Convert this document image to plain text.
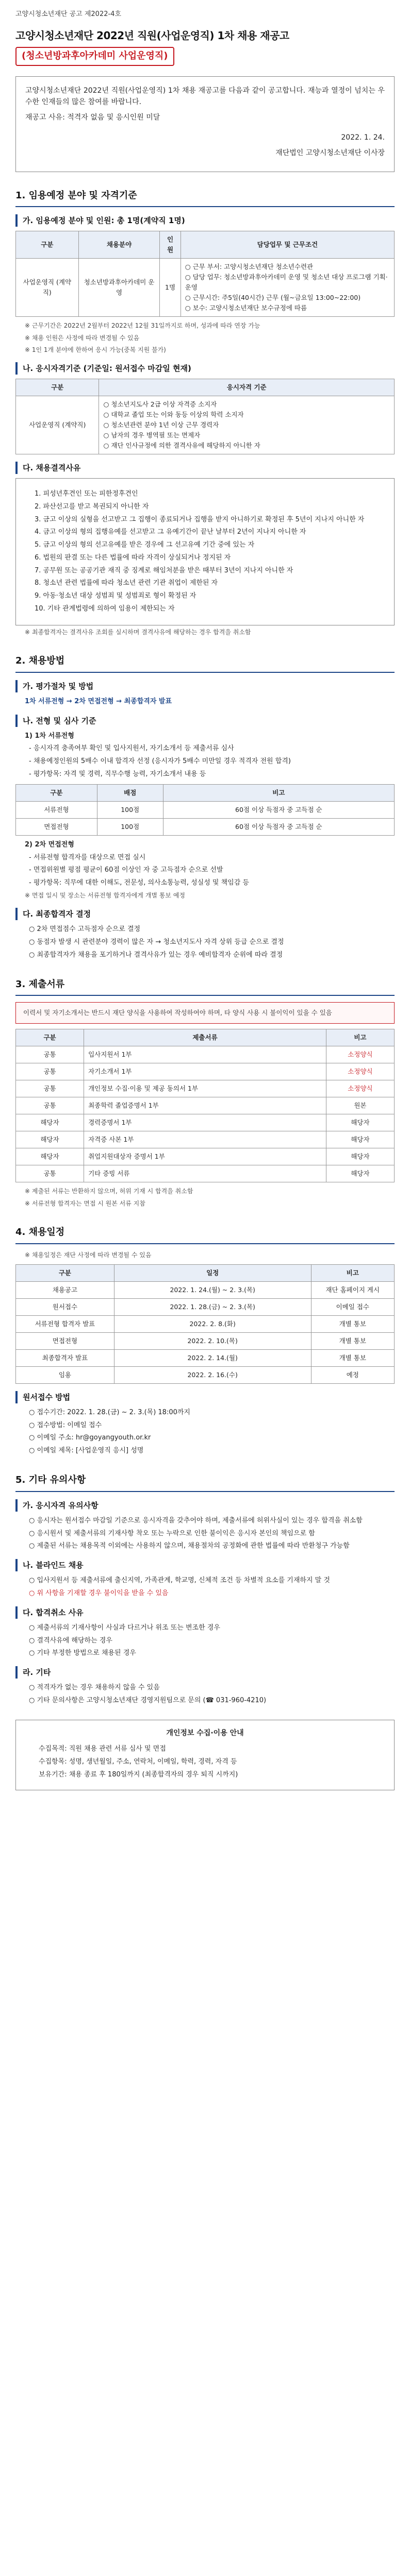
고양시청소년재단 공고 제2022-4호
고양시청소년재단 2022년 직원(사업운영직) 1차 채용 재공고
(청소년방과후아카데미 사업운영직)

고양시청소년재단 2022년 직원(사업운영직) 1차 채용 재공고를 다음과 같이 공고합니다. 재능과 열정이 넘치는 우수한 인재들의 많은 참여를 바랍니다.

재공고 사유: 적격자 없음 및 응시인원 미달

2022. 1. 24.

재단법인 고양시청소년재단 이사장

1. 임용예정 분야 및 자격기준
가. 임용예정 분야 및 인원: 총 1명(계약직 1명)
구분	채용분야	인원	담당업무 및 근무조건
사업운영직 (계약직)	청소년방과후아카데미 운영	1명	○ 근무 부서: 고양시청소년재단 청소년수련관
○ 담당 업무: 청소년방과후아카데미 운영 및 청소년 대상 프로그램 기획·운영
○ 근무시간: 주5일(40시간) 근무 (월~금요일 13:00~22:00)
○ 보수: 고양시청소년재단 보수규정에 따름
※ 근무기간은 2022년 2월부터 2022년 12월 31일까지로 하며, 성과에 따라 연장 가능
※ 채용 인원은 사정에 따라 변경될 수 있음
※ 1인 1개 분야에 한하여 응시 가능(중복 지원 불가)
나. 응시자격기준 (기준일: 원서접수 마감일 현재)
구분	응시자격 기준
사업운영직 (계약직)	○ 청소년지도사 2급 이상 자격증 소지자
○ 대학교 졸업 또는 이와 동등 이상의 학력 소지자
○ 청소년관련 분야 1년 이상 근무 경력자
○ 남자의 경우 병역필 또는 면제자
○ 재단 인사규정에 의한 결격사유에 해당하지 아니한 자
다. 채용결격사유
1. 피성년후견인 또는 피한정후견인
2. 파산선고를 받고 복권되지 아니한 자
3. 금고 이상의 실형을 선고받고 그 집행이 종료되거나 집행을 받지 아니하기로 확정된 후 5년이 지나지 아니한 자
4. 금고 이상의 형의 집행유예를 선고받고 그 유예기간이 끝난 날부터 2년이 지나지 아니한 자
5. 금고 이상의 형의 선고유예를 받은 경우에 그 선고유예 기간 중에 있는 자
6. 법원의 판결 또는 다른 법률에 따라 자격이 상실되거나 정지된 자
7. 공무원 또는 공공기관 재직 중 징계로 해임처분을 받은 때부터 3년이 지나지 아니한 자
8. 청소년 관련 법률에 따라 청소년 관련 기관 취업이 제한된 자
9. 아동·청소년 대상 성범죄 및 성범죄로 형이 확정된 자
10. 기타 관계법령에 의하여 임용이 제한되는 자
※ 최종합격자는 결격사유 조회를 실시하며 결격사유에 해당하는 경우 합격을 취소함
2. 채용방법
가. 평가절차 및 방법
1차 서류전형 → 2차 면접전형 → 최종합격자 발표
나. 전형 및 심사 기준
1) 1차 서류전형
- 응시자격 충족여부 확인 및 입사지원서, 자기소개서 등 제출서류 심사
- 채용예정인원의 5배수 이내 합격자 선정 (응시자가 5배수 미만일 경우 적격자 전원 합격)
- 평가항목: 자격 및 경력, 직무수행 능력, 자기소개서 내용 등
구분	배점	비고
서류전형	100점	60점 이상 득점자 중 고득점 순
면접전형	100점	60점 이상 득점자 중 고득점 순
2) 2차 면접전형
- 서류전형 합격자를 대상으로 면접 실시
- 면접위원별 평점 평균이 60점 이상인 자 중 고득점자 순으로 선발
- 평가항목: 직무에 대한 이해도, 전문성, 의사소통능력, 성실성 및 책임감 등
※ 면접 일시 및 장소는 서류전형 합격자에게 개별 통보 예정
다. 최종합격자 결정
○ 2차 면접점수 고득점자 순으로 결정
○ 동점자 발생 시 관련분야 경력이 많은 자 → 청소년지도사 자격 상위 등급 순으로 결정
○ 최종합격자가 채용을 포기하거나 결격사유가 있는 경우 예비합격자 순위에 따라 결정
3. 제출서류
이력서 및 자기소개서는 반드시 재단 양식을 사용하여 작성하여야 하며, 타 양식 사용 시 불이익이 있을 수 있음
구분	제출서류	비고
공통	입사지원서 1부	소정양식
공통	자기소개서 1부	소정양식
공통	개인정보 수집·이용 및 제공 동의서 1부	소정양식
공통	최종학력 졸업증명서 1부	원본
해당자	경력증명서 1부	해당자
해당자	자격증 사본 1부	해당자
해당자	취업지원대상자 증명서 1부	해당자
공통	기타 증빙 서류	해당자
※ 제출된 서류는 반환하지 않으며, 허위 기재 시 합격을 취소함
※ 서류전형 합격자는 면접 시 원본 서류 지참
4. 채용일정
※ 채용일정은 재단 사정에 따라 변경될 수 있음
구분	일정	비고
채용공고	2022. 1. 24.(월) ~ 2. 3.(목)	재단 홈페이지 게시
원서접수	2022. 1. 28.(금) ~ 2. 3.(목)	이메일 접수
서류전형 합격자 발표	2022. 2. 8.(화)	개별 통보
면접전형	2022. 2. 10.(목)	개별 통보
최종합격자 발표	2022. 2. 14.(월)	개별 통보
임용	2022. 2. 16.(수)	예정
원서접수 방법
○ 접수기간: 2022. 1. 28.(금) ~ 2. 3.(목) 18:00까지
○ 접수방법: 이메일 접수
○ 이메일 주소: hr@goyangyouth.or.kr
○ 이메일 제목: [사업운영직 응시] 성명
5. 기타 유의사항
가. 응시자격 유의사항
○ 응시자는 원서접수 마감일 기준으로 응시자격을 갖추어야 하며, 제출서류에 허위사실이 있는 경우 합격을 취소함
○ 응시원서 및 제출서류의 기재사항 착오 또는 누락으로 인한 불이익은 응시자 본인의 책임으로 함
○ 제출된 서류는 채용목적 이외에는 사용하지 않으며, 채용절차의 공정화에 관한 법률에 따라 반환청구 가능함
나. 블라인드 채용
○ 입사지원서 등 제출서류에 출신지역, 가족관계, 학교명, 신체적 조건 등 차별적 요소를 기재하지 말 것
○ 위 사항을 기재할 경우 불이익을 받을 수 있음
다. 합격취소 사유
○ 제출서류의 기재사항이 사실과 다르거나 위조 또는 변조한 경우
○ 결격사유에 해당하는 경우
○ 기타 부정한 방법으로 채용된 경우
라. 기타
○ 적격자가 없는 경우 채용하지 않을 수 있음
○ 기타 문의사항은 고양시청소년재단 경영지원팀으로 문의 (☎ 031-960-4210)
개인정보 수집·이용 안내
수집목적: 직원 채용 관련 서류 심사 및 면접
수집항목: 성명, 생년월일, 주소, 연락처, 이메일, 학력, 경력, 자격 등
보유기간: 채용 종료 후 180일까지 (최종합격자의 경우 퇴직 시까지)
